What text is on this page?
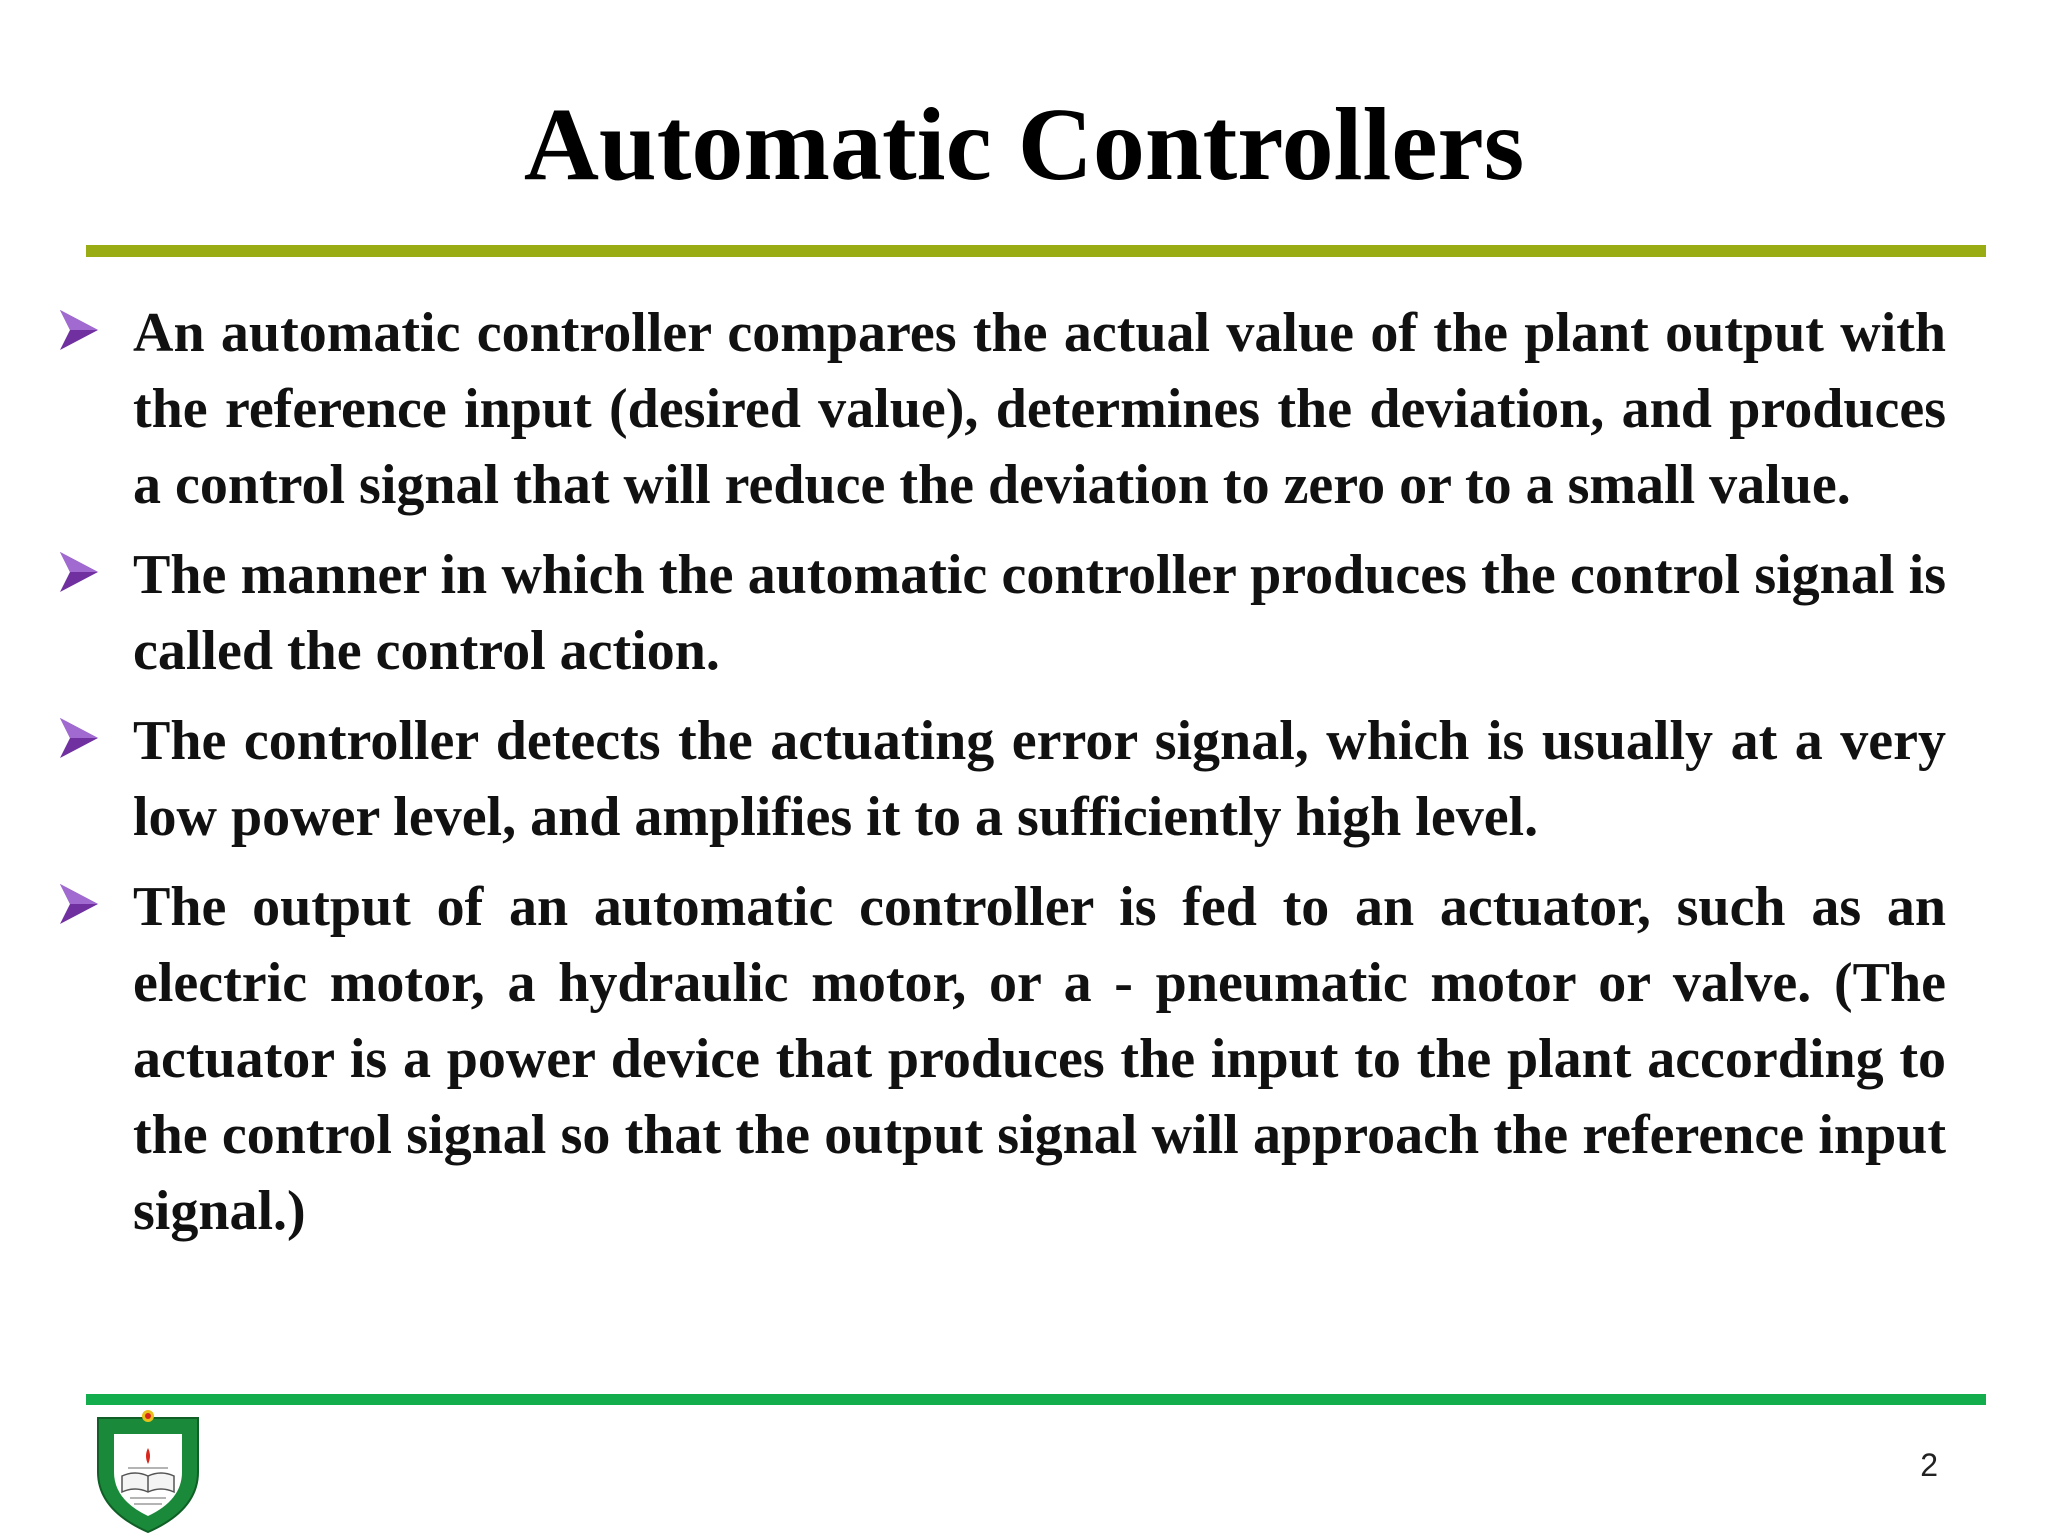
Automatic Controllers
An automatic controller compares the actual value of the plant output with the reference input (desired value), determines the deviation, and produces a control signal that will reduce the deviation to zero or to a small value.
The manner in which the automatic controller produces the control signal is called the control action.
The controller detects the actuating error signal, which is usually at a very low power level, and amplifies it to a sufficiently high level.
The output of an automatic controller is fed to an actuator, such as an electric motor, a hydraulic motor, or a - pneumatic motor or valve. (The actuator is a power device that produces the input to the plant according to the control signal so that the output signal will approach the reference input signal.)
2
